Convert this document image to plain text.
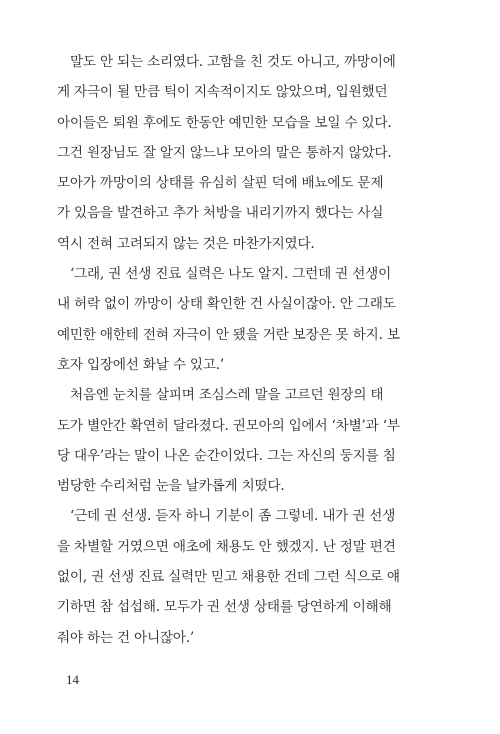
말도 안 되는 소리였다. 고함을 친 것도 아니고, 까망이에
게 자극이 될 만큼 틱이 지속적이지도 않았으며, 입원했던
아이들은 퇴원 후에도 한동안 예민한 모습을 보일 수 있다.
그건 원장님도 잘 알지 않느냐 모아의 말은 통하지 않았다.
모아가 까망이의 상태를 유심히 살핀 덕에 배뇨에도 문제
가 있음을 발견하고 추가 처방을 내리기까지 했다는 사실
역시 전혀 고려되지 않는 것은 마찬가지였다.
‘그래, 권 선생 진료 실력은 나도 알지. 그런데 권 선생이
내 허락 없이 까망이 상태 확인한 건 사실이잖아. 안 그래도
예민한 애한테 전혀 자극이 안 됐을 거란 보장은 못 하지. 보
호자 입장에선 화날 수 있고.’
처음엔 눈치를 살피며 조심스레 말을 고르던 원장의 태
도가 별안간 확연히 달라졌다. 권모아의 입에서 ‘차별’과 ‘부
당 대우’라는 말이 나온 순간이었다. 그는 자신의 둥지를 침
범당한 수리처럼 눈을 날카롭게 치떴다.
‘근데 권 선생. 듣자 하니 기분이 좀 그렇네. 내가 권 선생
을 차별할 거였으면 애초에 채용도 안 했겠지. 난 정말 편견
없이, 권 선생 진료 실력만 믿고 채용한 건데 그런 식으로 얘
기하면 참 섭섭해. 모두가 권 선생 상태를 당연하게 이해해
줘야 하는 건 아니잖아.’
14
